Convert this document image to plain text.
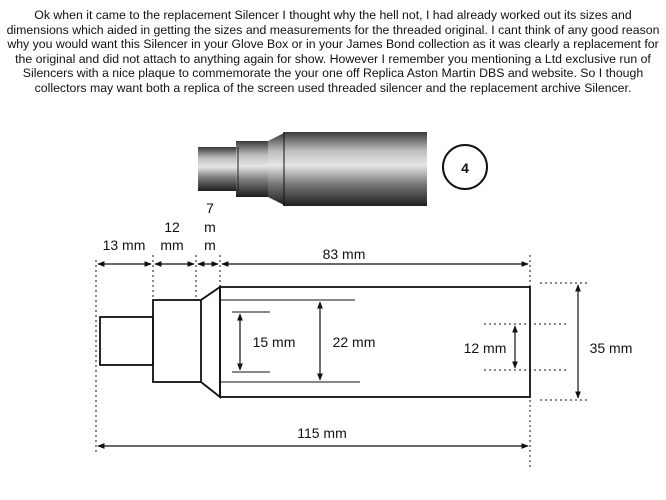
Ok when it came to the replacement Silencer I thought why the hell not, I had already worked out its sizes and dimensions which aided in getting the sizes and measurements for the threaded original. I cant think of any good reason why you would want this Silencer in your Glove Box or in your James Bond collection as it was clearly a replacement for the original and did not attach to anything again for show. However I remember you mentioning a Ltd exclusive run of Silencers with a nice plaque to commemorate the your one off Replica Aston Martin DBS and website. So I though collectors may want both a replica of the screen used threaded silencer and the replacement archive Silencer.

4
13 mm
12
mm
7
m
m
83 mm
15 mm	22 mm	12 mm	35 mm
115 mm
